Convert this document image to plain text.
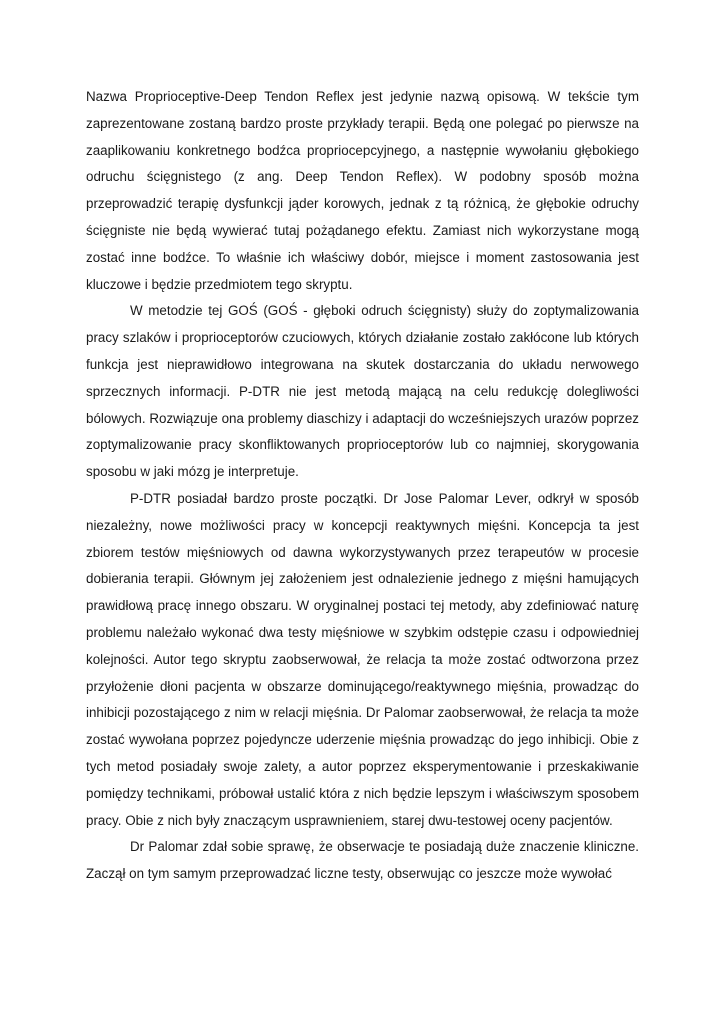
Nazwa Proprioceptive-Deep Tendon Reflex jest jedynie nazwą opisową. W tekście tym zaprezentowane zostaną bardzo proste przykłady terapii. Będą one polegać po pierwsze na zaaplikowaniu konkretnego bodźca propriocepcyjnego, a następnie wywołaniu głębokiego odruchu ścięgnistego (z ang. Deep Tendon Reflex). W podobny sposób można przeprowadzić terapię dysfunkcji jąder korowych, jednak z tą różnicą, że głębokie odruchy ścięgniste nie będą wywierać tutaj pożądanego efektu. Zamiast nich wykorzystane mogą zostać inne bodźce. To właśnie ich właściwy dobór, miejsce i moment zastosowania jest kluczowe i będzie przedmiotem tego skryptu.

W metodzie tej GOŚ (GOŚ - głęboki odruch ścięgnisty) służy do zoptymalizowania pracy szlaków i proprioceptorów czuciowych, których działanie zostało zakłócone lub których funkcja jest nieprawidłowo integrowana na skutek dostarczania do układu nerwowego sprzecznych informacji. P-DTR nie jest metodą mającą na celu redukcję dolegliwości bólowych. Rozwiązuje ona problemy diaschizy i adaptacji do wcześniejszych urazów poprzez zoptymalizowanie pracy skonfliktowanych proprioceptorów lub co najmniej, skorygowania sposobu w jaki mózg je interpretuje.

P-DTR posiadał bardzo proste początki. Dr Jose Palomar Lever, odkrył w sposób niezależny, nowe możliwości pracy w koncepcji reaktywnych mięśni. Koncepcja ta jest zbiorem testów mięśniowych od dawna wykorzystywanych przez terapeutów w procesie dobierania terapii. Głównym jej założeniem jest odnalezienie jednego z mięśni hamujących prawidłową pracę innego obszaru. W oryginalnej postaci tej metody, aby zdefiniować naturę problemu należało wykonać dwa testy mięśniowe w szybkim odstępie czasu i odpowiedniej kolejności. Autor tego skryptu zaobserwował, że relacja ta może zostać odtworzona przez przyłożenie dłoni pacjenta w obszarze dominującego/reaktywnego mięśnia, prowadząc do inhibicji pozostającego z nim w relacji mięśnia. Dr Palomar zaobserwował, że relacja ta może zostać wywołana poprzez pojedyncze uderzenie mięśnia prowadząc do jego inhibicji. Obie z tych metod posiadały swoje zalety, a autor poprzez eksperymentowanie i przeskakiwanie pomiędzy technikami, próbował ustalić która z nich będzie lepszym i właściwszym sposobem pracy. Obie z nich były znaczącym usprawnieniem, starej dwu-testowej oceny pacjentów.

Dr Palomar zdał sobie sprawę, że obserwacje te posiadają duże znaczenie kliniczne. Zaczął on tym samym przeprowadzać liczne testy, obserwując co jeszcze może wywołać
